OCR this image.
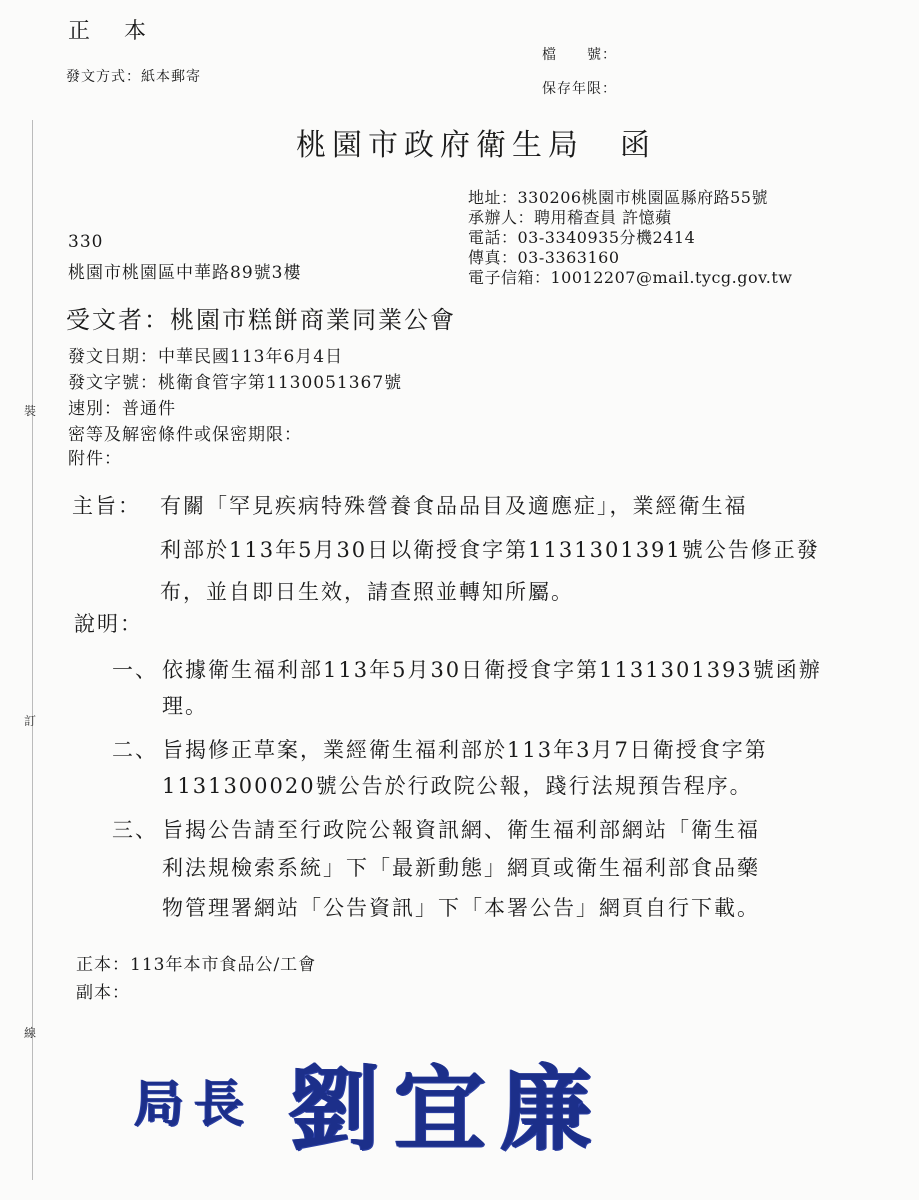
裝
訂
線
正　本
發文方式：紙本郵寄
檔　　號：
保存年限：
桃園市政府衛生局　函
地址：330206桃園市桃園區縣府路55號
承辦人：聘用稽查員 許憶蘋
電話：03-3340935分機2414
傳真：03-3363160
電子信箱：10012207@mail.tycg.gov.tw
330
桃園市桃園區中華路89號3樓
受文者：桃園市糕餅商業同業公會
發文日期：中華民國113年6月4日
發文字號：桃衛食管字第1130051367號
速別：普通件
密等及解密條件或保密期限：
附件：
主旨： 有關「罕見疾病特殊營養食品品目及適應症」，業經衛生福
利部於113年5月30日以衛授食字第1131301391號公告修正發
布，並自即日生效，請查照並轉知所屬。
說明：
一、 依據衛生福利部113年5月30日衛授食字第1131301393號函辦
理。
二、 旨揭修正草案，業經衛生福利部於113年3月7日衛授食字第
1131300020號公告於行政院公報，踐行法規預告程序。
三、 旨揭公告請至行政院公報資訊網、衛生福利部網站「衛生福
利法規檢索系統」下「最新動態」網頁或衛生福利部食品藥
物管理署網站「公告資訊」下「本署公告」網頁自行下載。
正本：113年本市食品公/工會
副本：
局長 劉宜廉
